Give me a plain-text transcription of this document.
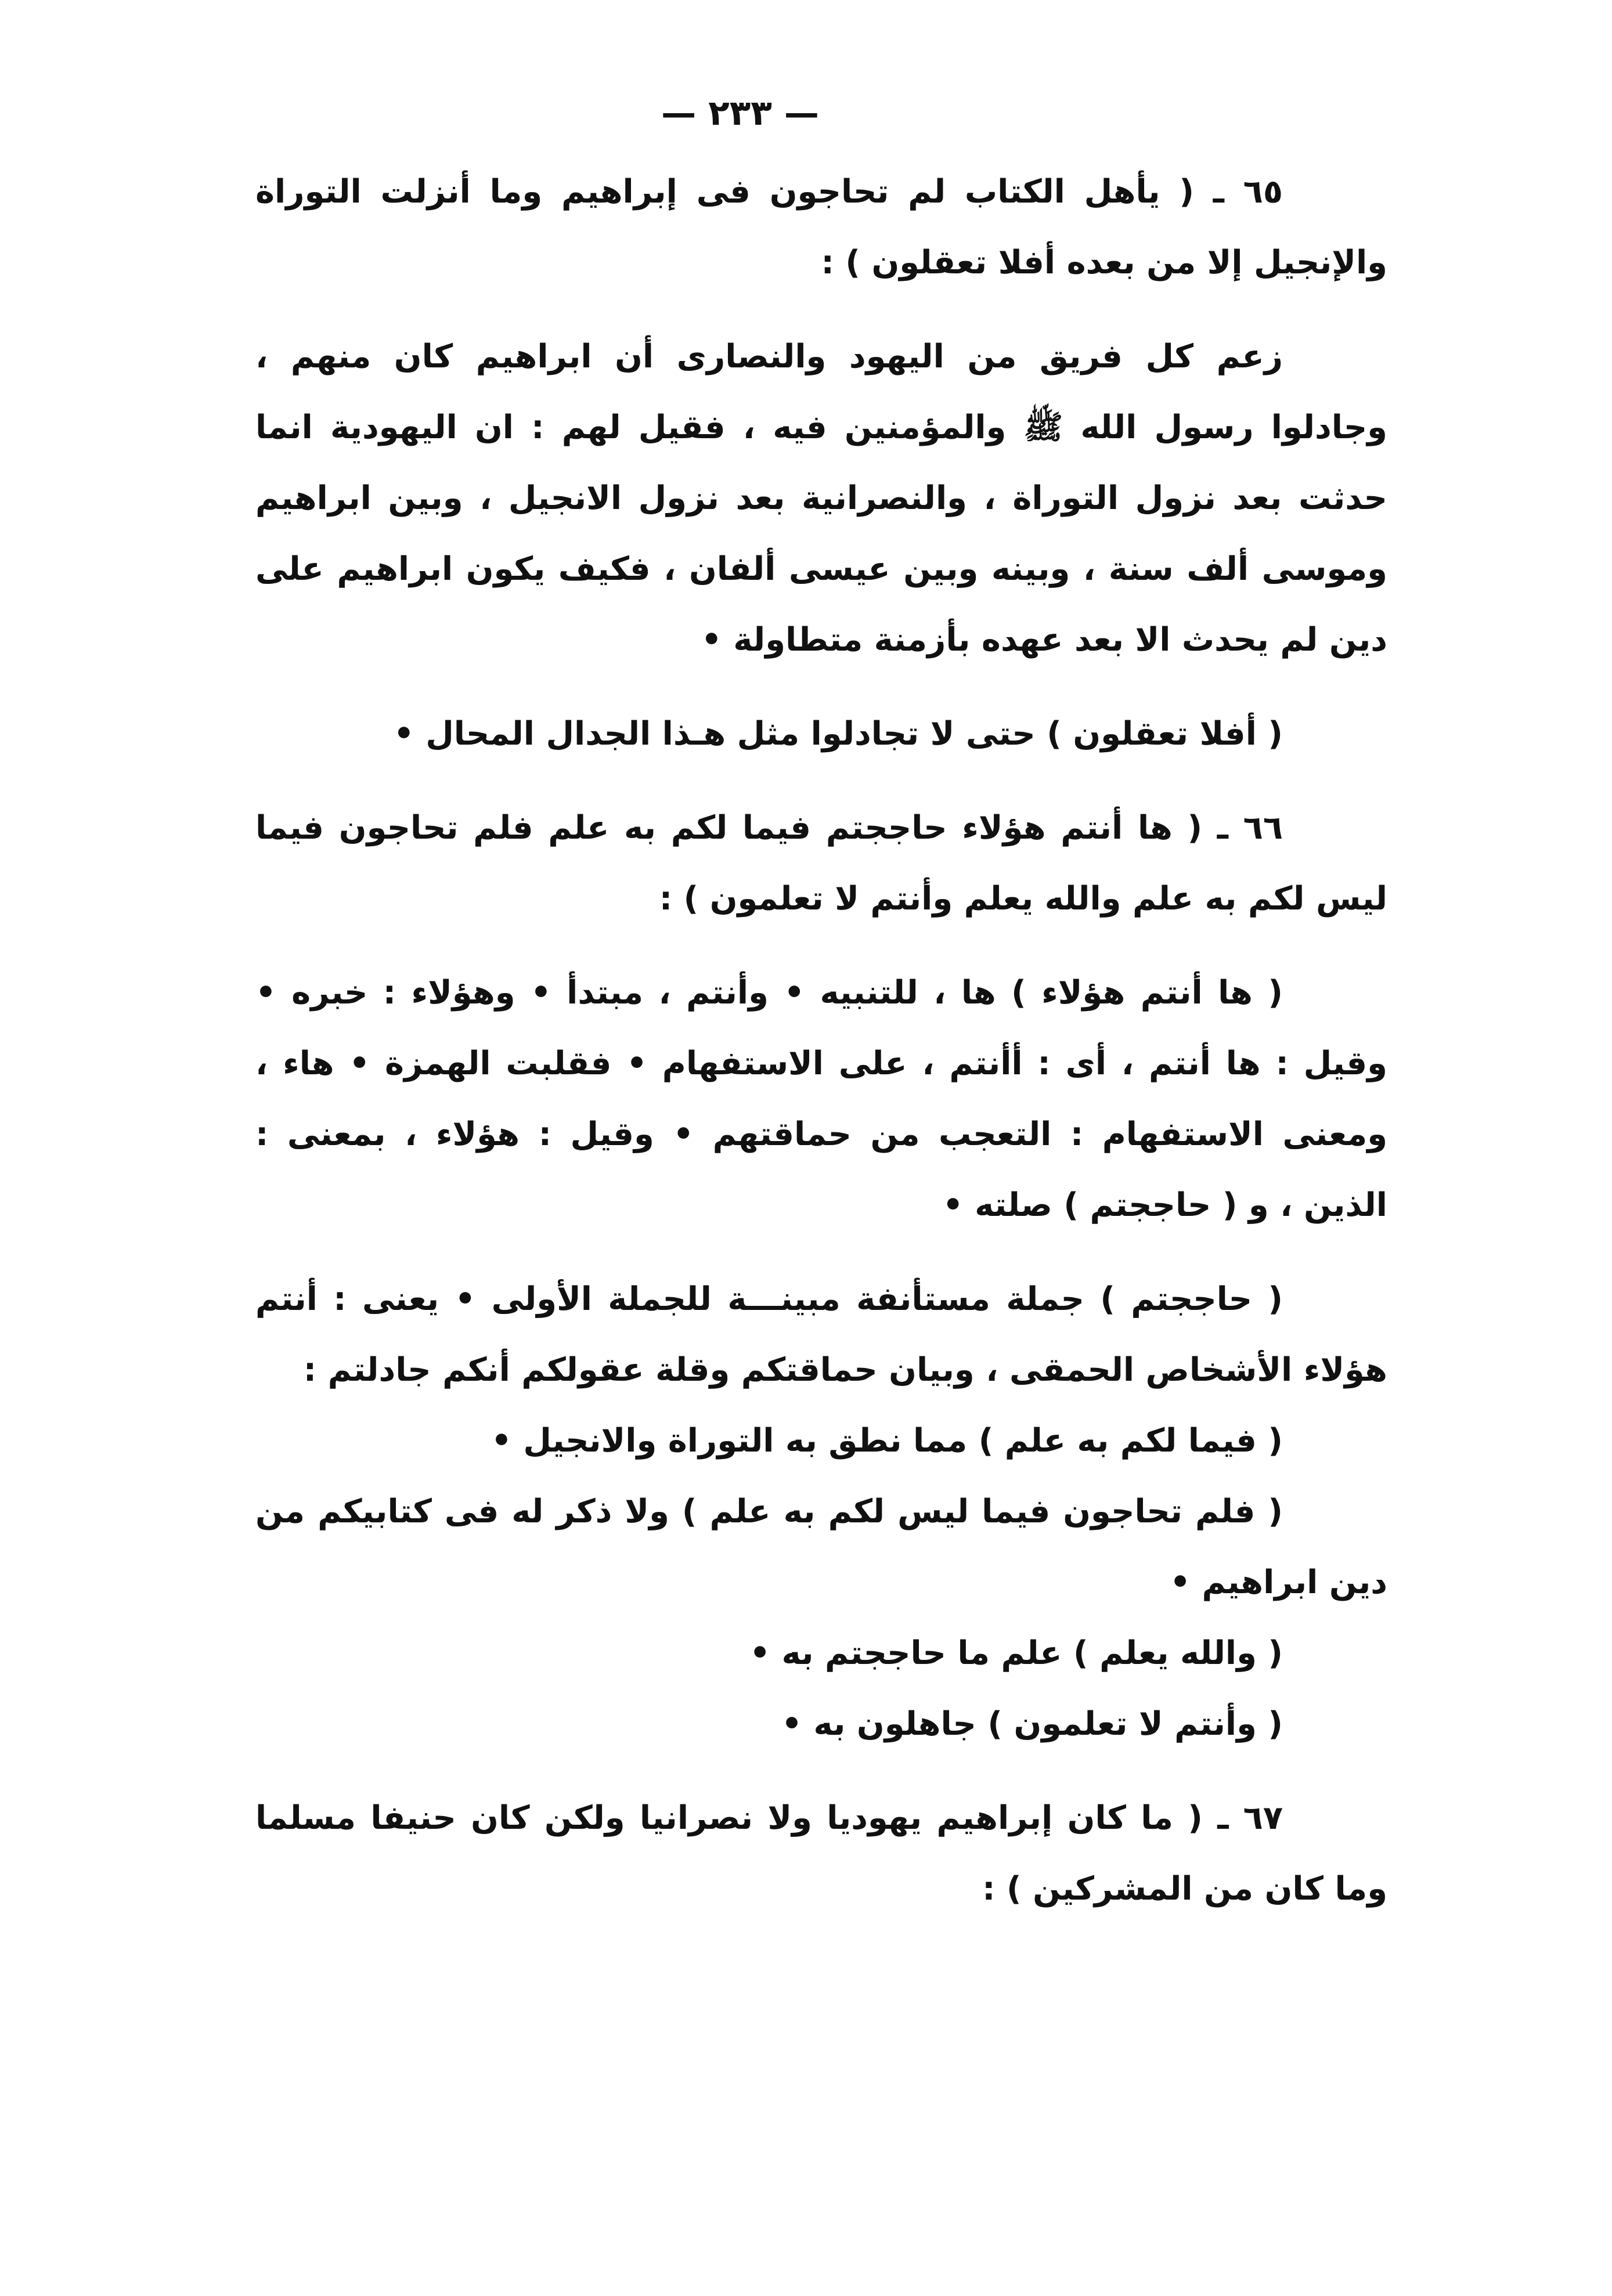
— ٢٣٣ —

٦٥ ـ ( يأهل الكتاب لم تحاجون فى إبراهيم وما أنزلت التوراة والإنجيل إلا من بعده أفلا تعقلون ) :

زعم كل فريق من اليهود والنصارى أن ابراهيم كان منهم ، وجادلوا رسول الله ﷺ والمؤمنين فيه ، فقيل لهم : ان اليهودية انما حدثت بعد نزول التوراة ، والنصرانية بعد نزول الانجيل ، وبين ابراهيم وموسى ألف سنة ، وبينه وبين عيسى ألفان ، فكيف يكون ابراهيم على دين لم يحدث الا بعد عهده بأزمنة متطاولة •

( أفلا تعقلون ) حتى لا تجادلوا مثل هـذا الجدال المحال •

٦٦ ـ ( ها أنتم هؤلاء حاججتم فيما لكم به علم فلم تحاجون فيما ليس لكم به علم والله يعلم وأنتم لا تعلمون ) :

( ها أنتم هؤلاء ) ها ، للتنبيه • وأنتم ، مبتدأ • وهؤلاء : خبره • وقيل : ها أنتم ، أى : أأنتم ، على الاستفهام • فقلبت الهمزة • هاء ، ومعنى الاستفهام : التعجب من حماقتهم • وقيل : هؤلاء ، بمعنى : الذين ، و ( حاججتم ) صلته •

( حاججتم ) جملة مستأنفة مبينـــة للجملة الأولى • يعنى : أنتم هؤلاء الأشخاص الحمقى ، وبيان حماقتكم وقلة عقولكم أنكم جادلتم :

( فيما لكم به علم ) مما نطق به التوراة والانجيل •

( فلم تحاجون فيما ليس لكم به علم ) ولا ذكر له فى كتابيكم من دين ابراهيم •

( والله يعلم ) علم ما حاججتم به •

( وأنتم لا تعلمون ) جاهلون به •

٦٧ ـ ( ما كان إبراهيم يهوديا ولا نصرانيا ولكن كان حنيفا مسلما وما كان من المشركين ) :
